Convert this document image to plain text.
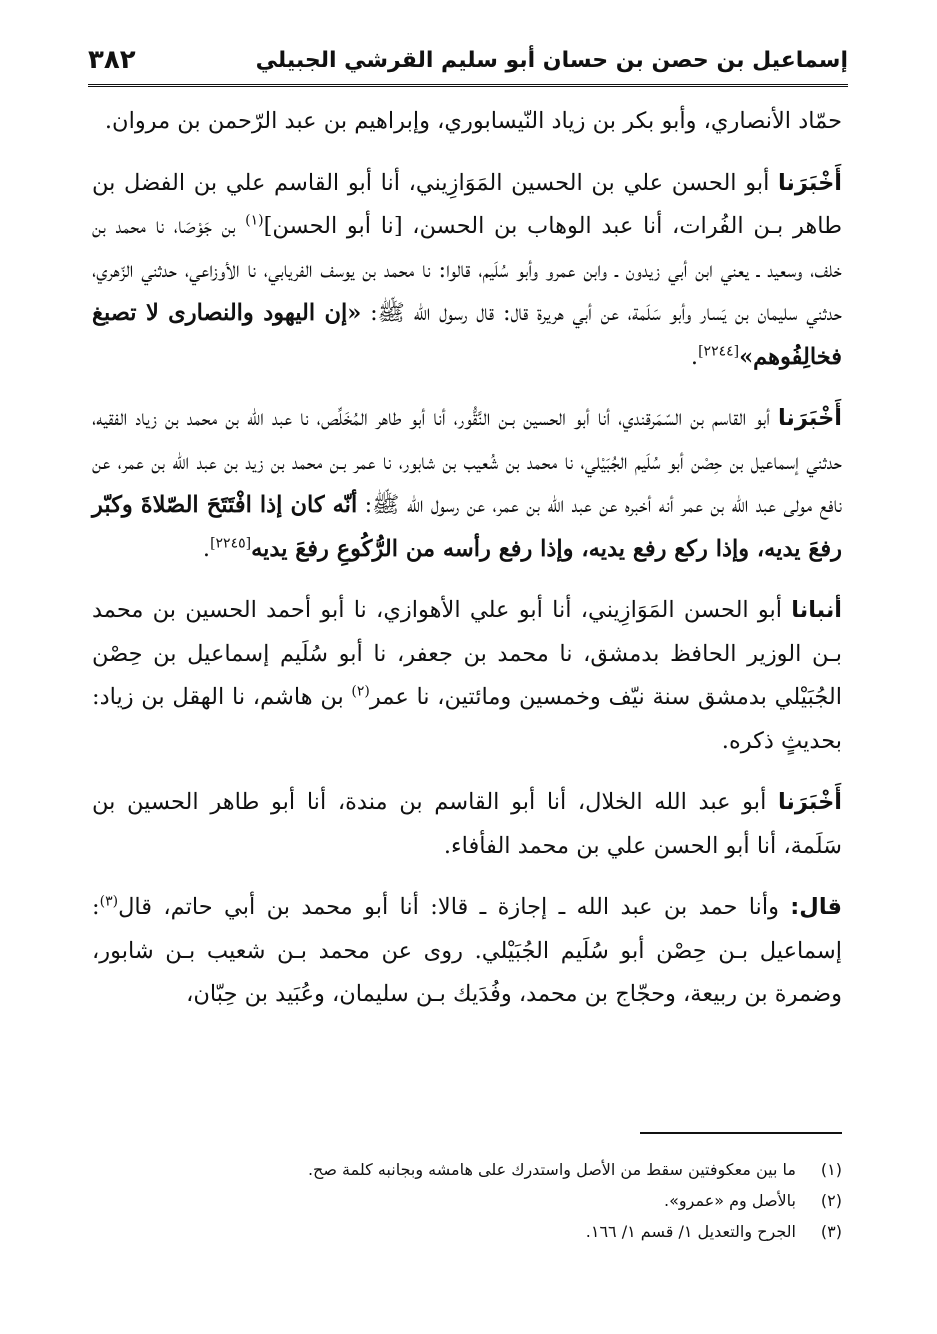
إسماعيل بن حصن بن حسان أبو سليم القرشي الجبيلي
٣٨٢

حمّاد الأنصاري، وأبو بكر بن زياد النّيسابوري، وإبراهيم بن عبد الرّحمن بن مروان.

أَخْبَرَنا أبو الحسن علي بن الحسين المَوَازِيني، أنا أبو القاسم علي بن الفضل بن طاهر بـن الفُرات، أنا عبد الوهاب بن الحسن، [نا أبو الحسن]$^{(١)}$ بن جَوْصَا، نا محمد بن خلف، وسعيد ـ يعني ابن أبي زيدون ـ وابن عمرو وأبو سُلَيم، قالوا: نا محمد بن يوسف الفريابي، نا الأوزاعي، حدثني الزّهري، حدثني سليمان بن يَسار وأبو سَلَمة، عن أبي هريرة قال: قال رسول الله ﷺ: «إن اليهود والنصارى لا تصبغ فخالِفُوهم»[٢٢٤٤].

أَخْبَرَنا أبو القاسم بن السّمَرقندي، أنا أبو الحسين بـن النَّقُّور، أنا أبو طاهر المُخَلِّص، نا عبد الله بن محمد بن زياد الفقيه، حدثني إسماعيل بن حِصْن أبو سُلَيم الجُبَيْلي، نا محمد بن شُعيب بن شابور، نا عمر بـن محمد بن زيد بن عبد الله بن عمر، عن نافع مولى عبد الله بن عمر أنه أخبره عن عبد الله بن عمر، عن رسول الله ﷺ: أنّه كان إذا افْتَتَحَ الصّلاةَ وكبّر رفعَ يديه، وإذا ركع رفع يديه، وإذا رفع رأسه من الرُّكُوعِ رفعَ يديه[٢٢٤٥].

أنبانا أبو الحسن المَوَازِيني، أنا أبو علي الأهوازي، نا أبو أحمد الحسين بن محمد بـن الوزير الحافظ بدمشق، نا محمد بن جعفر، نا أبو سُلَيم إسماعيل بن حِصْن الجُبَيْلي بدمشق سنة نيّف وخمسين ومائتين، نا عمر$^{(٢)}$ بن هاشم، نا الهقل بن زياد: بحديثٍ ذكره.

أَخْبَرَنا أبو عبد الله الخلال، أنا أبو القاسم بن مندة، أنا أبو طاهر الحسين بن سَلَمة، أنا أبو الحسن علي بن محمد الفأفاء.

قال: وأنا حمد بن عبد الله ـ إجازة ـ قالا: أنا أبو محمد بن أبي حاتم، قال$^{(٣)}$: إسماعيل بـن حِصْن أبو سُلَيم الجُبَيْلي. روى عن محمد بـن شعيب بـن شابور، وضمرة بن ربيعة، وحجّاج بن محمد، وفُدَيك بـن سليمان، وعُبَيد بن حِبّان،

(١)
ما بين معكوفتين سقط من الأصل واستدرك على هامشه وبجانبه كلمة صح.
(٢)
بالأصل وم «عمرو».
(٣)
الجرح والتعديل ١/ قسم ١/ ١٦٦.
